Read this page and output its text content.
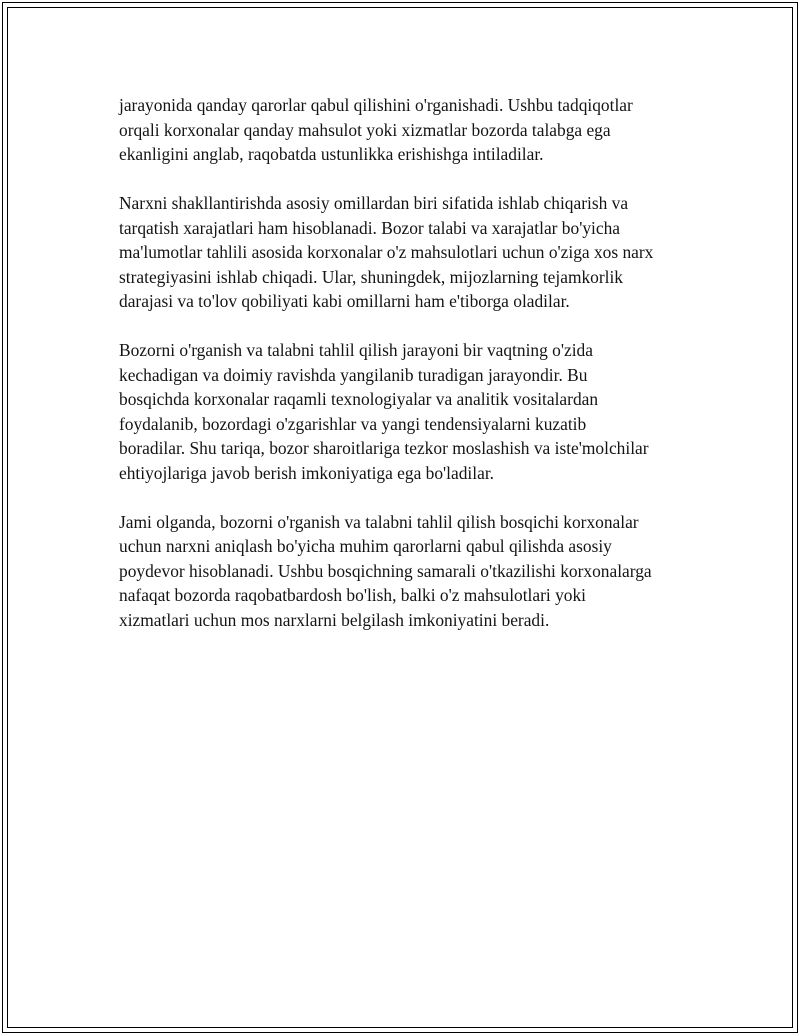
jarayonida qanday qarorlar qabul qilishini o'rganishadi. Ushbu tadqiqotlar
orqali korxonalar qanday mahsulot yoki xizmatlar bozorda talabga ega
ekanligini anglab, raqobatda ustunlikka erishishga intiladilar.

Narxni shakllantirishda asosiy omillardan biri sifatida ishlab chiqarish va
tarqatish xarajatlari ham hisoblanadi. Bozor talabi va xarajatlar bo'yicha
ma'lumotlar tahlili asosida korxonalar o'z mahsulotlari uchun o'ziga xos narx
strategiyasini ishlab chiqadi. Ular, shuningdek, mijozlarning tejamkorlik
darajasi va to'lov qobiliyati kabi omillarni ham e'tiborga oladilar.

Bozorni o'rganish va talabni tahlil qilish jarayoni bir vaqtning o'zida
kechadigan va doimiy ravishda yangilanib turadigan jarayondir. Bu
bosqichda korxonalar raqamli texnologiyalar va analitik vositalardan
foydalanib, bozordagi o'zgarishlar va yangi tendensiyalarni kuzatib
boradilar. Shu tariqa, bozor sharoitlariga tezkor moslashish va iste'molchilar
ehtiyojlariga javob berish imkoniyatiga ega bo'ladilar.

Jami olganda, bozorni o'rganish va talabni tahlil qilish bosqichi korxonalar
uchun narxni aniqlash bo'yicha muhim qarorlarni qabul qilishda asosiy
poydevor hisoblanadi. Ushbu bosqichning samarali o'tkazilishi korxonalarga
nafaqat bozorda raqobatbardosh bo'lish, balki o'z mahsulotlari yoki
xizmatlari uchun mos narxlarni belgilash imkoniyatini beradi.
